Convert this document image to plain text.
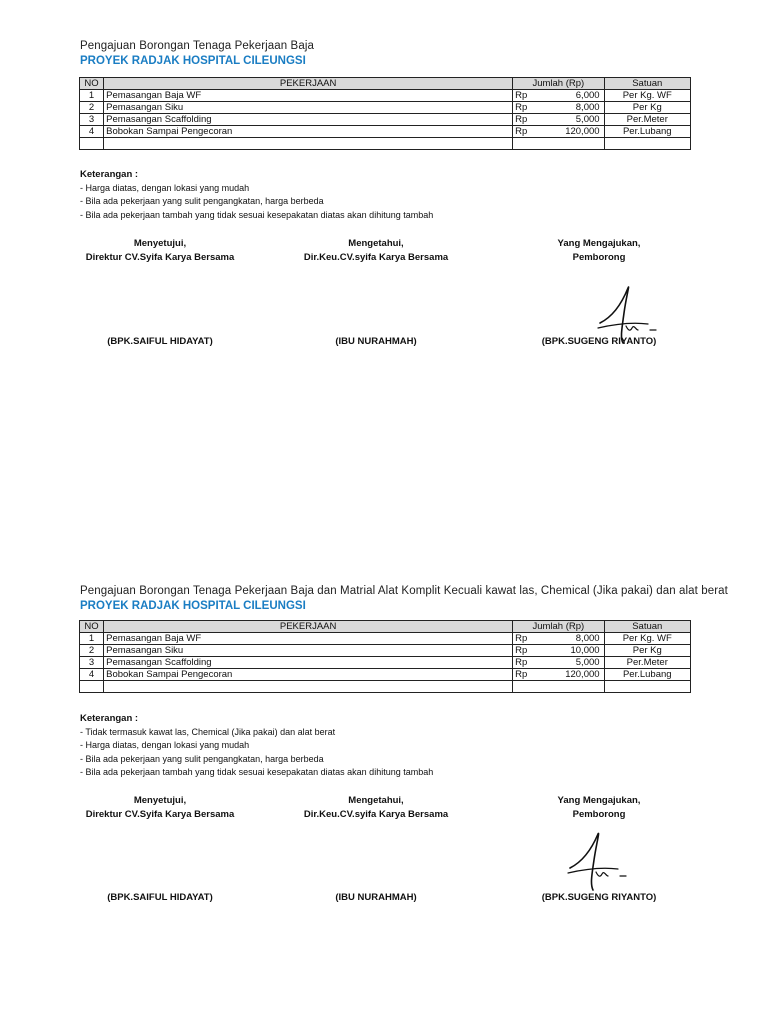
Pengajuan Borongan Tenaga Pekerjaan Baja
PROYEK RADJAK HOSPITAL CILEUNGSI
NO	PEKERJAAN	Jumlah (Rp)	Satuan
1	Pemasangan Baja WF	Rp 6,000	Per Kg. WF
2	Pemasangan Siku	Rp 8,000	Per Kg
3	Pemasangan Scaffolding	Rp 5,000	Per.Meter
4	Bobokan Sampai Pengecoran	Rp 120,000	Per.Lubang

Keterangan :
- Harga diatas, dengan lokasi yang mudah
- Bila ada pekerjaan yang sulit pengangkatan, harga berbeda
- Bila ada pekerjaan tambah yang tidak sesuai kesepakatan diatas akan dihitung tambah
Menyetujui,
Direktur CV.Syifa Karya Bersama
Mengetahui,
Dir.Keu.CV.syifa Karya Bersama
Yang Mengajukan,
Pemborong
(BPK.SAIFUL HIDAYAT)	(IBU NURAHMAH)	(BPK.SUGENG RIYANTO)
Pengajuan Borongan Tenaga Pekerjaan Baja dan Matrial Alat Komplit Kecuali kawat las, Chemical (Jika pakai) dan alat berat
PROYEK RADJAK HOSPITAL CILEUNGSI
NO	PEKERJAAN	Jumlah (Rp)	Satuan
1	Pemasangan Baja WF	Rp 8,000	Per Kg. WF
2	Pemasangan Siku	Rp 10,000	Per Kg
3	Pemasangan Scaffolding	Rp 5,000	Per.Meter
4	Bobokan Sampai Pengecoran	Rp 120,000	Per.Lubang

Keterangan :
- Tidak termasuk kawat las, Chemical (Jika pakai) dan alat berat
- Harga diatas, dengan lokasi yang mudah
- Bila ada pekerjaan yang sulit pengangkatan, harga berbeda
- Bila ada pekerjaan tambah yang tidak sesuai kesepakatan diatas akan dihitung tambah
Menyetujui,
Direktur CV.Syifa Karya Bersama
Mengetahui,
Dir.Keu.CV.syifa Karya Bersama
Yang Mengajukan,
Pemborong
(BPK.SAIFUL HIDAYAT)	(IBU NURAHMAH)	(BPK.SUGENG RIYANTO)
